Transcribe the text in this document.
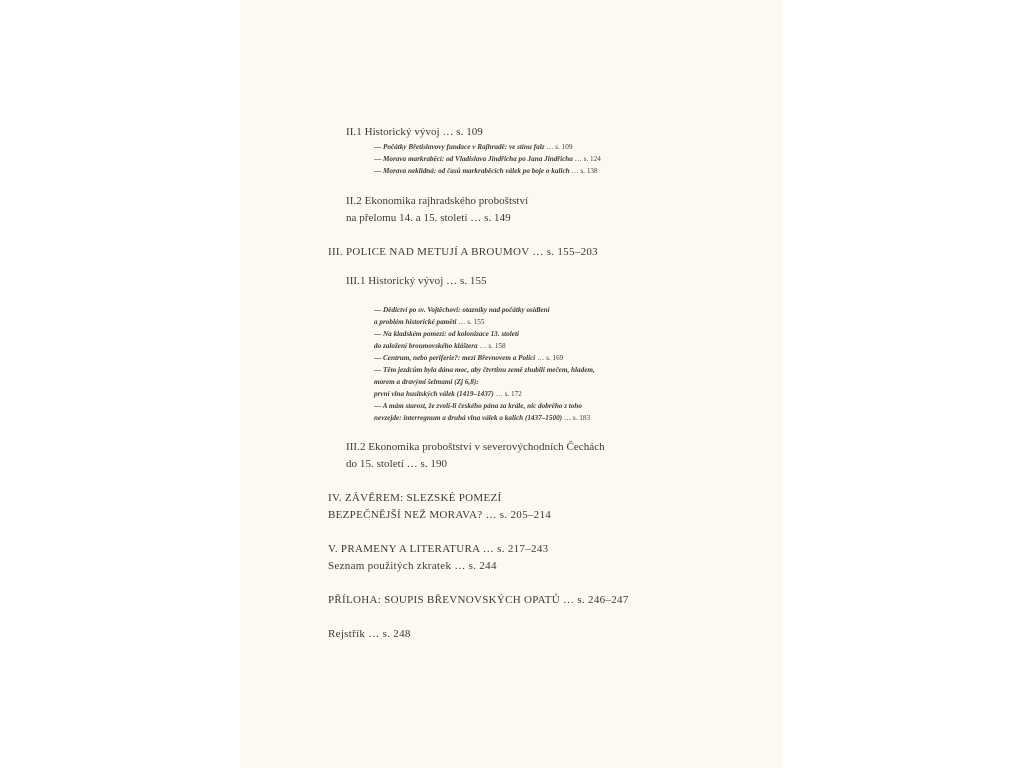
II.1 Historický vývoj … s. 109
— Počátky Břetislavovy fundace v Rajhradě: ve stínu falz … s. 109
— Morava markraběcí: od Vladislava Jindřicha po Jana Jindřicha … s. 124
— Morava neklidná: od časů markraběcích válek po boje o kalich … s. 138
II.2 Ekonomika rajhradského proboštství
na přelomu 14. a 15. století … s. 149
III. POLICE NAD METUJÍ A BROUMOV … s. 155–203
III.1 Historický vývoj … s. 155
— Dědictví po sv. Vojtěchovi: otazníky nad počátky osídlení
a problém historické paměti … s. 155
— Na kladském pomezí: od kolonizace 13. století
do založení broumovského kláštera … s. 158
— Centrum, nebo periferie?: mezi Břevnovem a Policí … s. 169
— Těm jezdcům byla dána moc, aby čtvrtinu země zhubili mečem, hladem,
morem a dravými šelmami (Zj 6,8):
první vlna husitských válek (1419–1437) … s. 172
— A mám starost, že zvolí-li českého pána za krále, nic dobrého z toho
nevzejde: interregnum a druhá vlna válek o kalich (1437–1500) … s. 183
III.2 Ekonomika proboštství v severovýchodních Čechách
do 15. století … s. 190
IV. ZÁVĚREM: SLEZSKÉ POMEZÍ
BEZPEČNĚJŠÍ NEŽ MORAVA? … s. 205–214
V. PRAMENY A LITERATURA … s. 217–243
Seznam použitých zkratek … s. 244
PŘÍLOHA: SOUPIS BŘEVNOVSKÝCH OPATŮ … s. 246–247
Rejstřík … s. 248
